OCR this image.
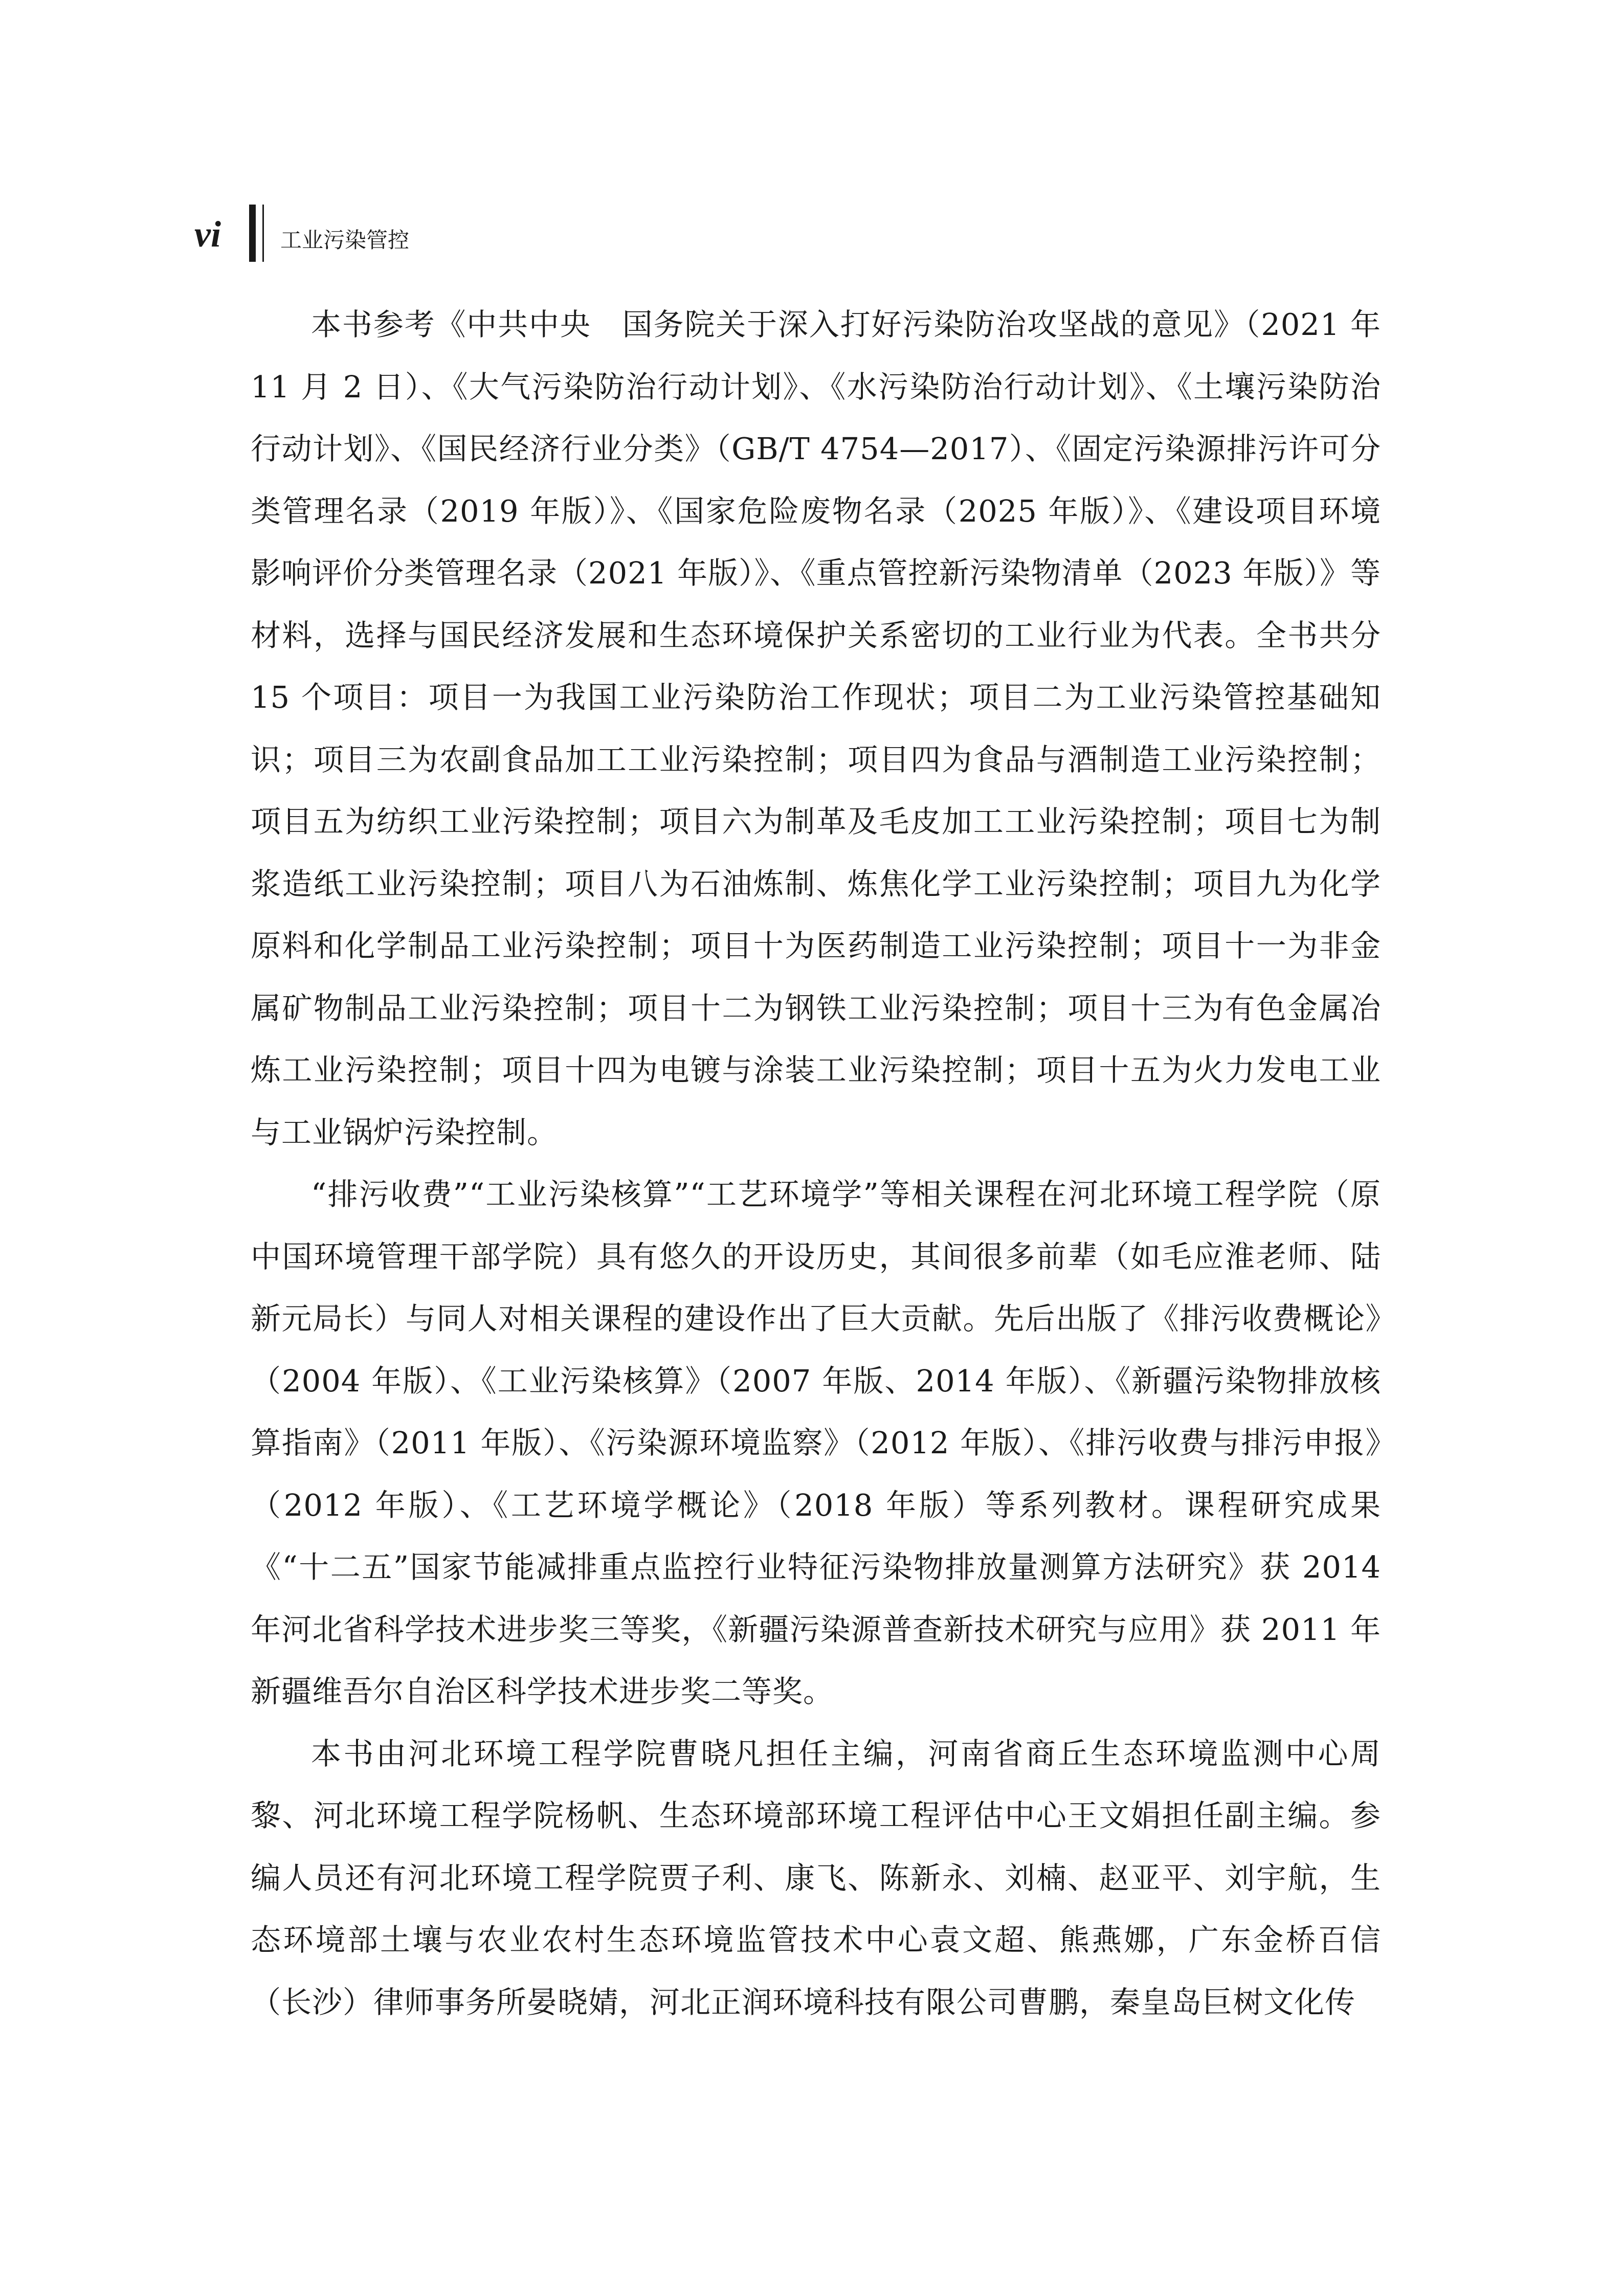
vi	工业污染管控

本书参考《中共中央　国务院关于深入打好污染防治攻坚战的意见》（2021 年 11 月 2 日）、《大气污染防治行动计划》、《水污染防治行动计划》、《土壤污染防治行动计划》、《国民经济行业分类》（GB/T 4754—2017）、《固定污染源排污许可分类管理名录（2019 年版）》、《国家危险废物名录（2025 年版）》、《建设项目环境影响评价分类管理名录（2021 年版）》、《重点管控新污染物清单（2023 年版）》等材料，选择与国民经济发展和生态环境保护关系密切的工业行业为代表。全书共分 15 个项目：项目一为我国工业污染防治工作现状；项目二为工业污染管控基础知识；项目三为农副食品加工工业污染控制；项目四为食品与酒制造工业污染控制；项目五为纺织工业污染控制；项目六为制革及毛皮加工工业污染控制；项目七为制浆造纸工业污染控制；项目八为石油炼制、炼焦化学工业污染控制；项目九为化学原料和化学制品工业污染控制；项目十为医药制造工业污染控制；项目十一为非金属矿物制品工业污染控制；项目十二为钢铁工业污染控制；项目十三为有色金属冶炼工业污染控制；项目十四为电镀与涂装工业污染控制；项目十五为火力发电工业与工业锅炉污染控制。

“排污收费”“工业污染核算”“工艺环境学”等相关课程在河北环境工程学院（原中国环境管理干部学院）具有悠久的开设历史，其间很多前辈（如毛应淮老师、陆新元局长）与同人对相关课程的建设作出了巨大贡献。先后出版了《排污收费概论》（2004 年版）、《工业污染核算》（2007 年版、2014 年版）、《新疆污染物排放核算指南》（2011 年版）、《污染源环境监察》（2012 年版）、《排污收费与排污申报》（2012 年版）、《工艺环境学概论》（2018 年版）等系列教材。课程研究成果《“十二五”国家节能减排重点监控行业特征污染物排放量测算方法研究》获 2014 年河北省科学技术进步奖三等奖，《新疆污染源普查新技术研究与应用》获 2011 年新疆维吾尔自治区科学技术进步奖二等奖。

本书由河北环境工程学院曹晓凡担任主编，河南省商丘生态环境监测中心周黎、河北环境工程学院杨帆、生态环境部环境工程评估中心王文娟担任副主编。参编人员还有河北环境工程学院贾子利、康飞、陈新永、刘楠、赵亚平、刘宇航，生态环境部土壤与农业农村生态环境监管技术中心袁文超、熊燕娜，广东金桥百信（长沙）律师事务所晏晓婧，河北正润环境科技有限公司曹鹏，秦皇岛巨树文化传
